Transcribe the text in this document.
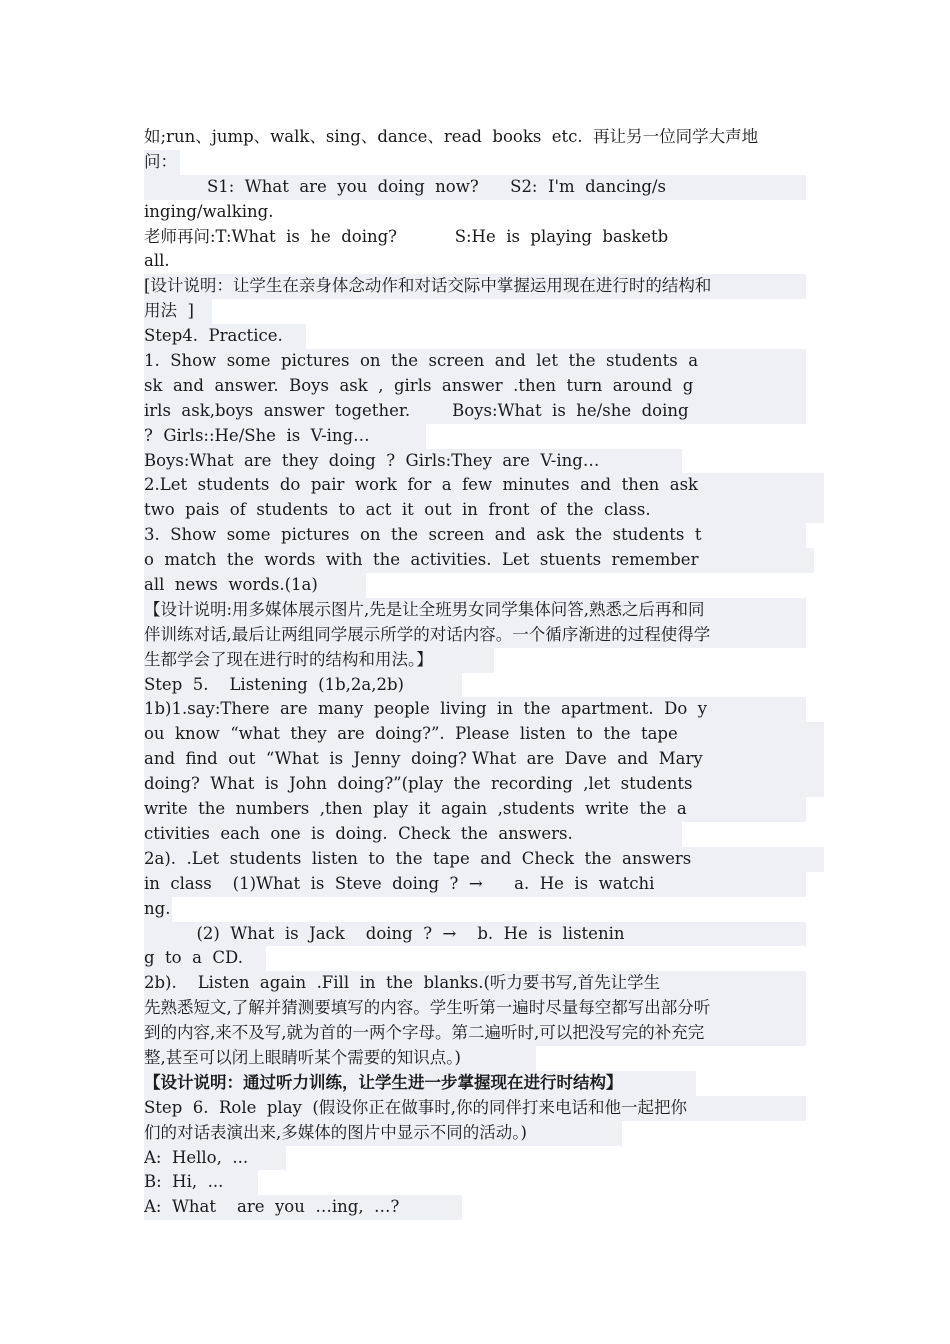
如;run、jump、walk、sing、dance、read  books  etc.  再让另一位同学大声地
问：
S1:  What  are  you  doing  now?      S2:  I'm  dancing/s
inging/walking.
老师再问:T:What  is  he  doing?           S:He  is  playing  basketb
all.
[设计说明：让学生在亲身体念动作和对话交际中掌握运用现在进行时的结构和
用法  ]
Step4.  Practice.
1.  Show  some  pictures  on  the  screen  and  let  the  students  a
sk  and  answer.  Boys  ask  ,  girls  answer  .then  turn  around  g
irls  ask,boys  answer  together.        Boys:What  is  he/she  doing
?  Girls::He/She  is  V-ing…
Boys:What  are  they  doing  ?  Girls:They  are  V-ing…
2.Let  students  do  pair  work  for  a  few  minutes  and  then  ask
two  pais  of  students  to  act  it  out  in  front  of  the  class.
3.  Show  some  pictures  on  the  screen  and  ask  the  students  t
o  match  the  words  with  the  activities.  Let  stuents  remember
all  news  words.(1a)
【设计说明:用多媒体展示图片,先是让全班男女同学集体问答,熟悉之后再和同
伴训练对话,最后让两组同学展示所学的对话内容。一个循序渐进的过程使得学
生都学会了现在进行时的结构和用法。】
Step  5.    Listening  (1b,2a,2b)
1b)1.say:There  are  many  people  living  in  the  apartment.  Do  y
ou  know  “what  they  are  doing?”.  Please  listen  to  the  tape
and  find  out  “What  is  Jenny  doing? What  are  Dave  and  Mary
doing?  What  is  John  doing?”(play  the  recording  ,let  students
write  the  numbers  ,then  play  it  again  ,students  write  the  a
ctivities  each  one  is  doing.  Check  the  answers.
2a).  .Let  students  listen  to  the  tape  and  Check  the  answers
in  class    (1)What  is  Steve  doing  ?  →      a.  He  is  watchi
ng.
(2)  What  is  Jack    doing  ?  →    b.  He  is  listenin
g  to  a  CD.
2b).    Listen  again  .Fill  in  the  blanks.(听力要书写,首先让学生
先熟悉短文,了解并猜测要填写的内容。学生听第一遍时尽量每空都写出部分听
到的内容,来不及写,就为首的一两个字母。第二遍听时,可以把没写完的补充完
整,甚至可以闭上眼睛听某个需要的知识点。)
【设计说明：通过听力训练，让学生进一步掌握现在进行时结构】
Step  6.  Role  play  (假设你正在做事时,你的同伴打来电话和他一起把你
们的对话表演出来,多媒体的图片中显示不同的活动。)
A:  Hello,  ...
B:  Hi,  ...
A:  What    are  you  …ing,  …?
